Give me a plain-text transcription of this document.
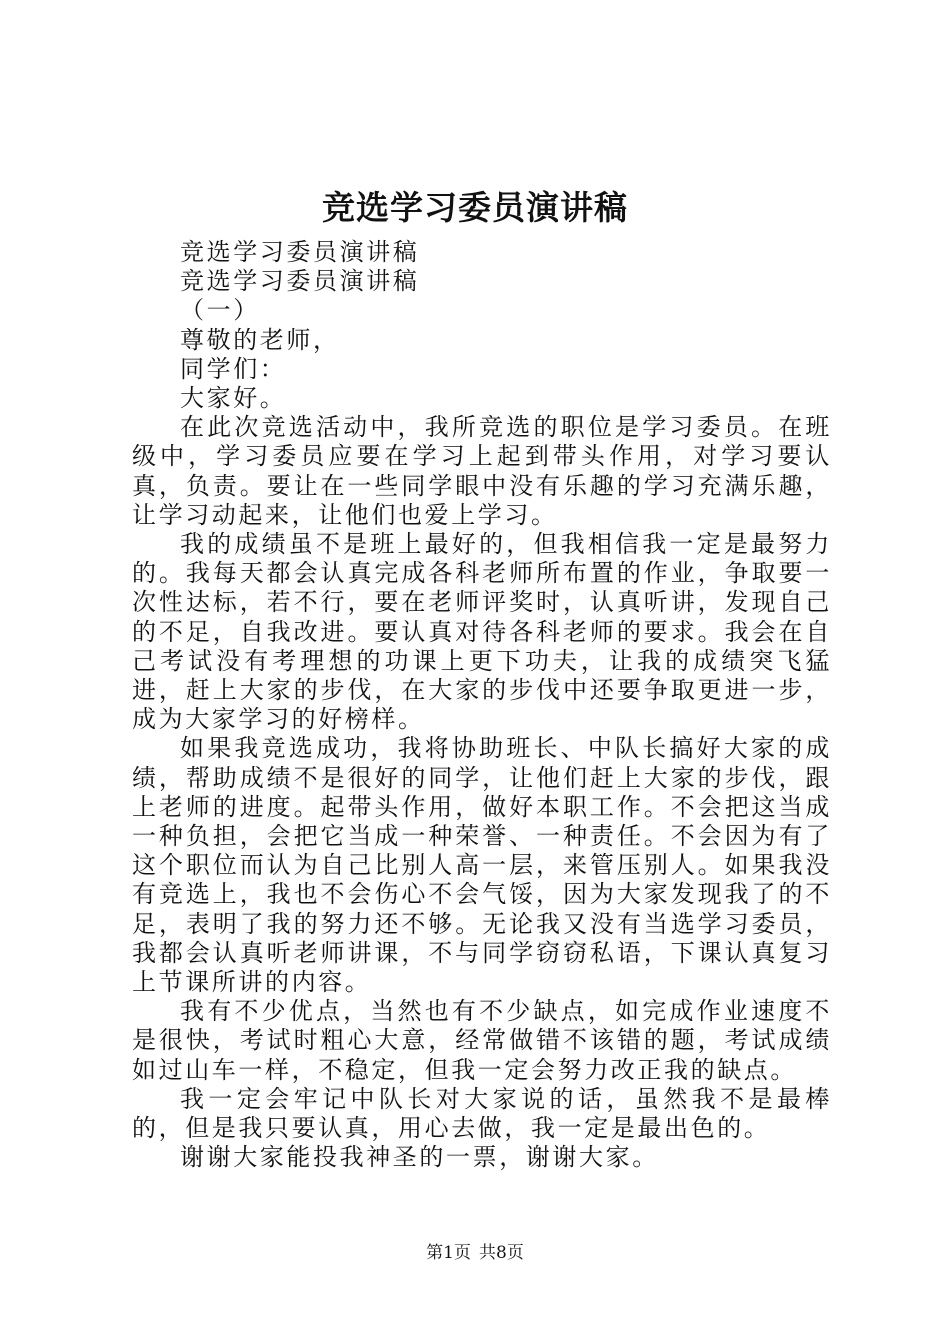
竞选学习委员演讲稿

竞选学习委员演讲稿

竞选学习委员演讲稿

（一）

尊敬的老师，

同学们：

大家好。

在此次竞选活动中，我所竞选的职位是学习委员。在班级中，学习委员应要在学习上起到带头作用，对学习要认真，负责。要让在一些同学眼中没有乐趣的学习充满乐趣，让学习动起来，让他们也爱上学习。

我的成绩虽不是班上最好的，但我相信我一定是最努力的。我每天都会认真完成各科老师所布置的作业，争取要一次性达标，若不行，要在老师评奖时，认真听讲，发现自己的不足，自我改进。要认真对待各科老师的要求。我会在自己考试没有考理想的功课上更下功夫，让我的成绩突飞猛进，赶上大家的步伐，在大家的步伐中还要争取更进一步，成为大家学习的好榜样。

如果我竞选成功，我将协助班长、中队长搞好大家的成绩，帮助成绩不是很好的同学，让他们赶上大家的步伐，跟上老师的进度。起带头作用，做好本职工作。不会把这当成一种负担，会把它当成一种荣誉、一种责任。不会因为有了这个职位而认为自己比别人高一层，来管压别人。如果我没有竞选上，我也不会伤心不会气馁，因为大家发现我了的不足，表明了我的努力还不够。无论我又没有当选学习委员，我都会认真听老师讲课，不与同学窃窃私语，下课认真复习上节课所讲的内容。

我有不少优点，当然也有不少缺点，如完成作业速度不是很快，考试时粗心大意，经常做错不该错的题，考试成绩如过山车一样，不稳定，但我一定会努力改正我的缺点。

我一定会牢记中队长对大家说的话，虽然我不是最棒的，但是我只要认真，用心去做，我一定是最出色的。

谢谢大家能投我神圣的一票，谢谢大家。

第1页 共8页
